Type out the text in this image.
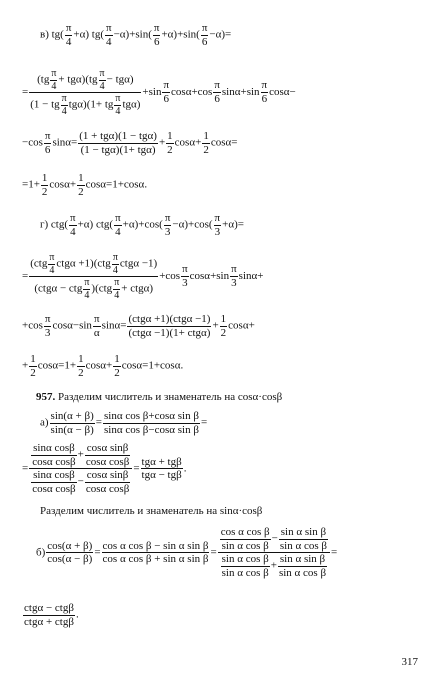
в) $tg( \frac{\pi}{4} +\alpha)$ $tg( \frac{\pi}{4} -\alpha)+\sin( \frac{\pi}{6} +\alpha)+\sin( \frac{\pi}{6} -\alpha)=$
= $\frac{(tg \frac{\pi}{4} + tg\alpha)(tg \frac{\pi}{4} - tg\alpha)}{(1 - tg \frac{\pi}{4} tg\alpha)(1+ tg \frac{\pi}{4} tg\alpha)} +\sin \frac{\pi}{6} \cos\alpha+\cos \frac{\pi}{6} \sin\alpha+\sin \frac{\pi}{6} \cos\alpha-$
$-\cos \frac{\pi}{6} \sin\alpha= \frac{\text{(1 + tgα)(1 − tgα)}}{\text{(1 − tgα)(1+ tgα)}} + \frac{1}{2} \cos\alpha+ \frac{1}{2} \cos\alpha=$
$=1+ \frac{1}{2} \cos\alpha+ \frac{1}{2} \cos\alpha=1+\cos\alpha$.
г) $ctg( \frac{\pi}{4} +\alpha)$ $ctg( \frac{\pi}{4} +\alpha)+\cos( \frac{\pi}{3} -\alpha)+\cos( \frac{\pi}{3} +\alpha)=$
= $\frac{(ctg \frac{\pi}{4} ctg\alpha +1)(ctg \frac{\pi}{4} ctg\alpha -1)}{(ctg\alpha - ctg \frac{\pi}{4} )(ctg \frac{\pi}{4} + ctg\alpha)} +\cos \frac{\pi}{3} \cos\alpha+\sin \frac{\pi}{3} \sin\alpha+$
$+\cos \frac{\pi}{3} \cos\alpha-\sin \frac{\pi}{\alpha} \sin\alpha= \frac{\text{(ctgα +1)(ctgα −1)}}{\text{(ctgα −1)(1+ ctgα)}} + \frac{1}{2} \cos\alpha+$
+ $\frac{1}{2} \cos\alpha=1+ \frac{1}{2} \cos\alpha+ \frac{1}{2} \cos\alpha=1+\cos\alpha$.
957. Разделим числитель и знаменатель на cosα·cosβ
$а) \frac{\sin(\alpha + \beta)}{\sin(\alpha - \beta)} = \frac{\text{sinα cos β+cosα sin β}}{\text{sinα cos β−cosα sin β}}$ =
= $\frac{\frac{\text{sinα cosβ}}{\text{cosα cosβ}} + \frac{\text{cosα sinβ}}{\text{cosα cosβ}}}{\frac{\text{sinα cosβ}}{\text{cosα cosβ}} - \frac{\text{cosα sinβ}}{\text{cosα cosβ}}} = \frac{\text{tgα + tgβ}}{\text{tgα − tgβ}}$ .
Разделим числитель и знаменатель на sinα·cosβ
$б) \frac{\cos(\alpha + \beta)}{\cos(\alpha - \beta)} = \frac{\text{cos α cos β − sin α sin β}}{\text{cos α cos β + sin α sin β}} = \frac{\frac{\text{cos α cos β}}{\text{sin α cos β}} - \frac{\text{sin α sin β}}{\text{sin α cos β}}}{\frac{\text{sin α cos β}}{\text{sin α cos β}} + \frac{\text{sin α sin β}}{\text{sin α cos β}}}$ =
$\frac{\text{ctgα − ctgβ}}{\text{ctgα + ctgβ}}$ .
317
